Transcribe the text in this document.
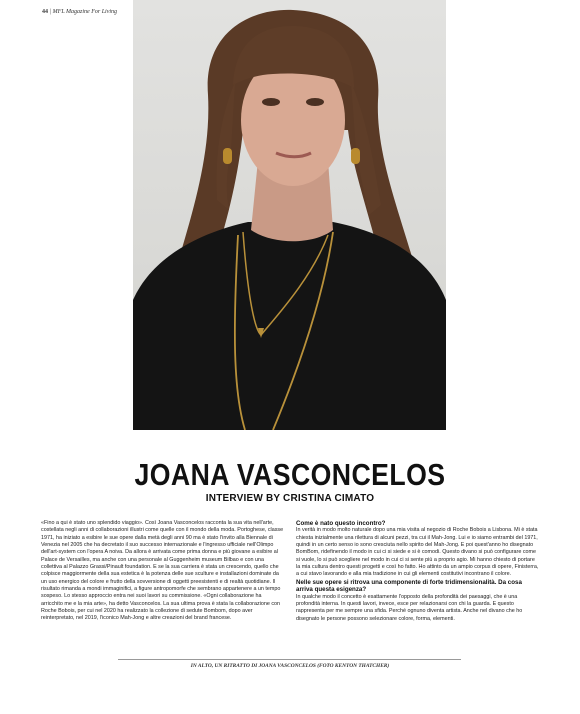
44 | MFL Magazine For Living
JOANA VASCONCELOS
INTERVIEW BY CRISTINA CIMATO

«Fino a qui è stato uno splendido viaggio». Così Joana Vasconcelos racconta la sua vita nell'arte, costellata negli anni di collaborazioni illustri come quelle con il mondo della moda. Portoghese, classe 1971, ha iniziato a esibire le sue opere dalla metà degli anni 90 ma è stato l'invito alla Biennale di Venezia nel 2005 che ha decretato il suo successo internazionale e l'ingresso ufficiale nell'Olimpo dell'art-system con l'opera A noiva. Da allora è arrivata come prima donna e più giovane a esibire al Palace de Versailles, ma anche con una personale al Guggenheim museum Bilbao e con una collettiva al Palazzo Grassi/Pinault foundation. E se la sua carriera è stata un crescendo, quello che colpisce maggiormente della sua estetica è la potenza delle sue sculture e installazioni dominate da un uso energico del colore e frutto della sovversione di oggetti preesistenti e di realtà quotidiane. Il risultato rimanda a mondi immaginifici, a figure antropomorfe che sembrano appartenere a un tempo sospeso. Lo stesso approccio entra nei suoi lavori su commissione. «Ogni collaborazione ha arricchito me e la mia arte», ha detto Vasconcelos. La sua ultima prova è stata la collaborazione con Roche Bobois, per cui nel 2020 ha realizzato la collezione di sedute Bombom, dopo aver reinterpretato, nel 2019, l'iconico Mah-Jong e altre creazioni del brand francese.

Come è nato questo incontro?

In verità in modo molto naturale dopo una mia visita al negozio di Roche Bobois a Lisbona. Mi è stata chiesta inizialmente una rilettura di alcuni pezzi, tra cui il Mah-Jong. Lui e io siamo entrambi del 1971, quindi in un certo senso io sono cresciuta nello spirito del Mah-Jong. E poi quest'anno ho disegnato BomBom, ridefinendo il modo in cui ci si siede e si è comodi. Questo divano si può configurare come si vuole, lo si può scegliere nel modo in cui ci si sente più a proprio agio. Mi hanno chiesto di portare la mia cultura dentro questi progetti e così ho fatto. Ho attinto da un ampio corpus di opere, Finisterra, a cui stavo lavorando e alla mia tradizione in cui gli elementi costitutivi incontrano il colore.

Nelle sue opere si ritrova una componente di forte tridimensionalità. Da cosa arriva questa esigenza?

In qualche modo il concetto è esattamente l'opposto della profondità dei paesaggi, che è una profondità interna. In questi lavori, invece, esce per relazionarsi con chi la guarda. E questo rappresenta per me sempre una sfida. Perché ognuno diventa artista. Anche nel divano che ho disegnato le persone possono selezionare colore, forma, elementi.

IN ALTO, UN RITRATTO DI JOANA VASCONCELOS (FOTO KENTON THATCHER)
